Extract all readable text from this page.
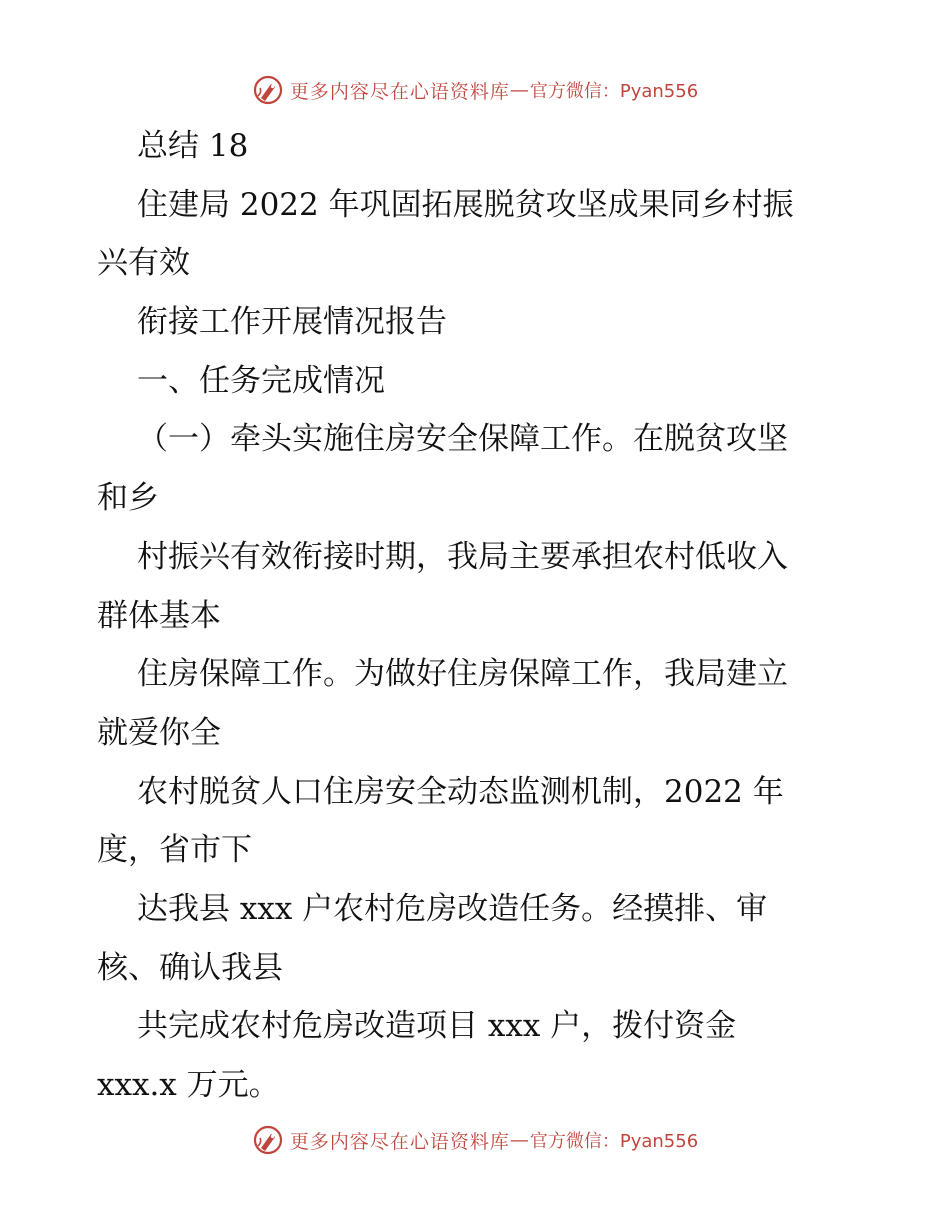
更多内容尽在心语资料库 — 官方微信：Pyan556
总结 18
住建局 2022 年巩固拓展脱贫攻坚成果同乡村振
兴有效
衔接工作开展情况报告
一、任务完成情况
（一）牵头实施住房安全保障工作。在脱贫攻坚
和乡
村振兴有效衔接时期，我局主要承担农村低收入
群体基本
住房保障工作。为做好住房保障工作，我局建立
就爱你全
农村脱贫人口住房安全动态监测机制，2022 年
度，省市下
达我县 xxx 户农村危房改造任务。经摸排、审
核、确认我县
共完成农村危房改造项目 xxx 户，拨付资金
xxx.x 万元。
更多内容尽在心语资料库 — 官方微信：Pyan556
